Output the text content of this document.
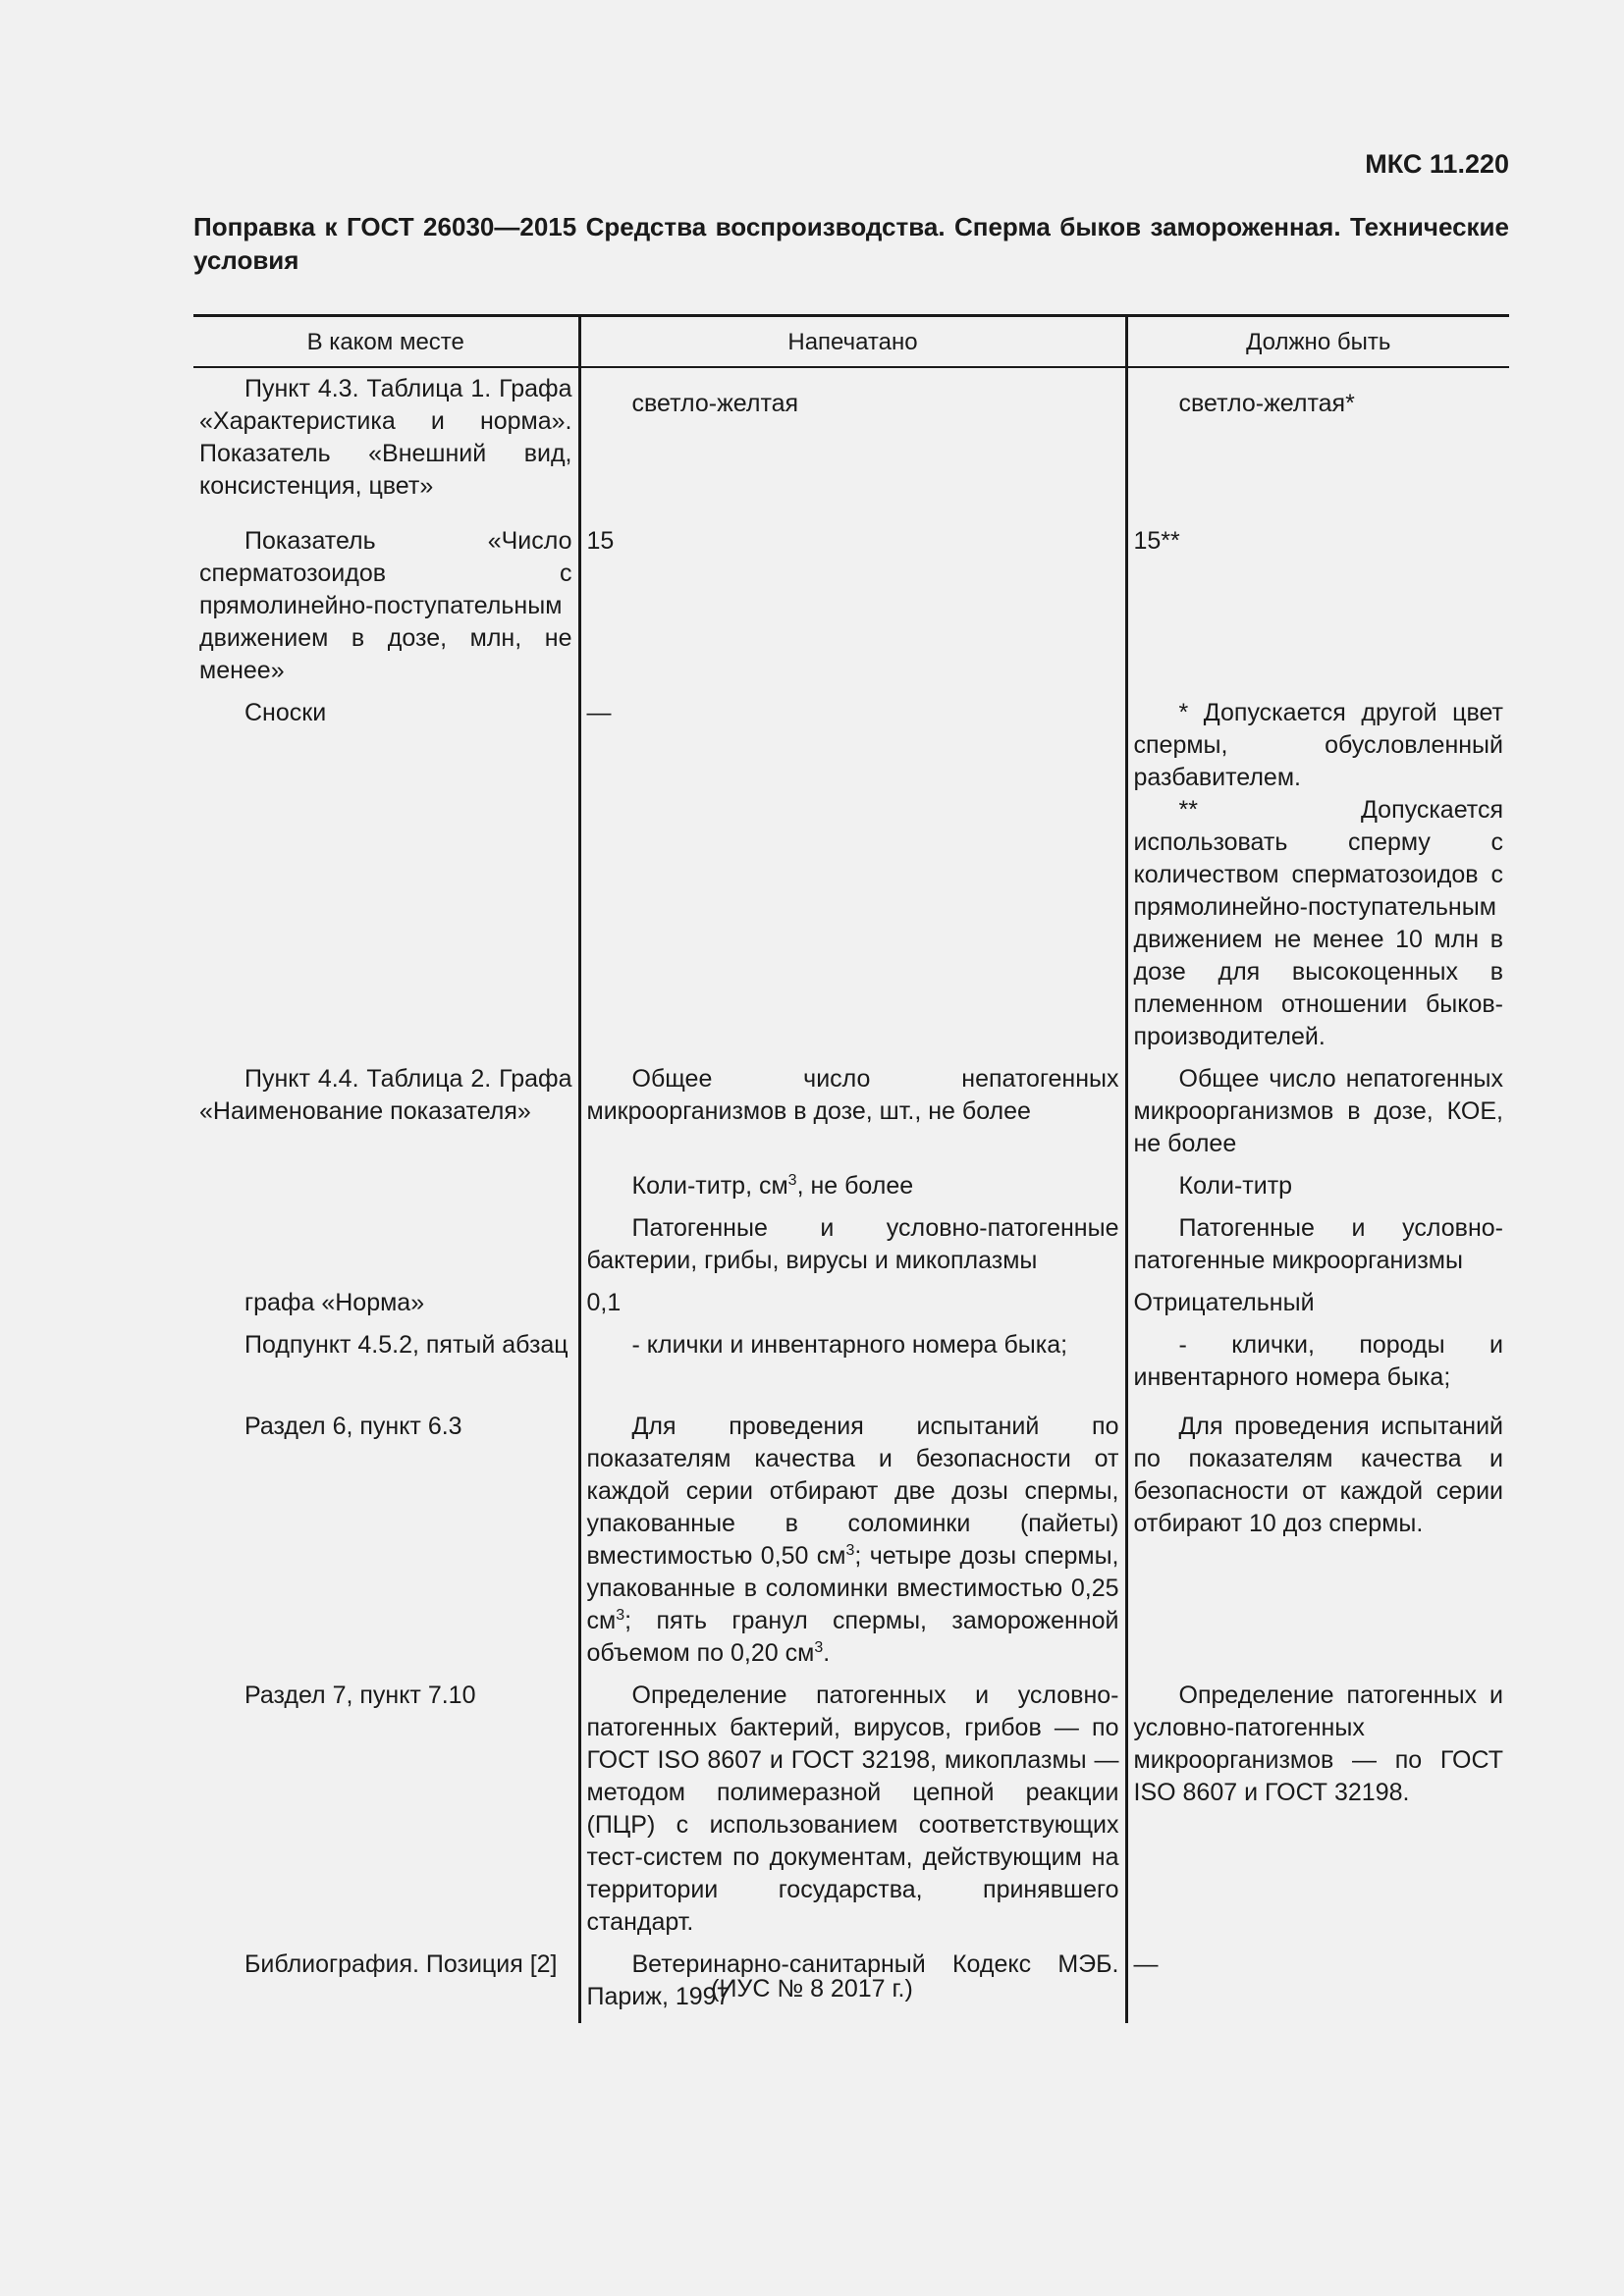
МКС 11.220
Поправка к ГОСТ 26030—2015 Средства воспроизводства. Сперма быков замороженная. Технические условия
В каком месте	Напечатано	Должно быть

Пункт 4.3. Таблица 1. Графа «Характеристика и норма». Показатель «Внешний вид, консистенция, цвет»	светло-желтая	светло-желтая*

Показатель «Число сперматозоидов с прямолинейно-поступательным движением в дозе, млн, не менее»	15	15**

Сноски	—	* Допускается другой цвет спермы, обусловленный разбавителем.
** Допускается использовать сперму с количеством сперматозоидов с прямолинейно-поступательным движением не менее 10 млн в дозе для высокоценных в племенном отношении быков-производителей.

Пункт 4.4. Таблица 2. Графа «Наименование показателя»	Общее число непатогенных микроорганизмов в дозе, шт., не более	Общее число непатогенных микроорганизмов в дозе, КОЕ, не более

	Коли-титр, $см^3$, не более	Коли-титр

	Патогенные и условно-патогенные бактерии, грибы, вирусы и микоплазмы	Патогенные и условно-патогенные микроорганизмы

графа «Норма»	0,1	Отрицательный

Подпункт 4.5.2, пятый абзац	- клички и инвентарного номера быка;	- клички, породы и инвентарного номера быка;

Раздел 6, пункт 6.3	Для проведения испытаний по показателям качества и безопасности от каждой серии отбирают две дозы спермы, упакованные в соломинки (пайеты) вместимостью 0,50 $см^3$; четыре дозы спермы, упакованные в соломинки вместимостью 0,25 $см^3$; пять гранул спермы, замороженной объемом по 0,20 $см^3$.	Для проведения испытаний по показателям качества и безопасности от каждой серии отбирают 10 доз спермы.

Раздел 7, пункт 7.10	Определение патогенных и условно-патогенных бактерий, вирусов, грибов — по ГОСТ ISO 8607 и ГОСТ 32198, микоплазмы — методом полимеразной цепной реакции (ПЦР) с использованием соответствующих тест-систем по документам, действующим на территории государства, принявшего стандарт.	Определение патогенных и условно-патогенных микроорганизмов — по ГОСТ ISO 8607 и ГОСТ 32198.

Библиография. Позиция [2]	Ветеринарно-санитарный Кодекс МЭБ. Париж, 1997	—
(ИУС № 8 2017 г.)
